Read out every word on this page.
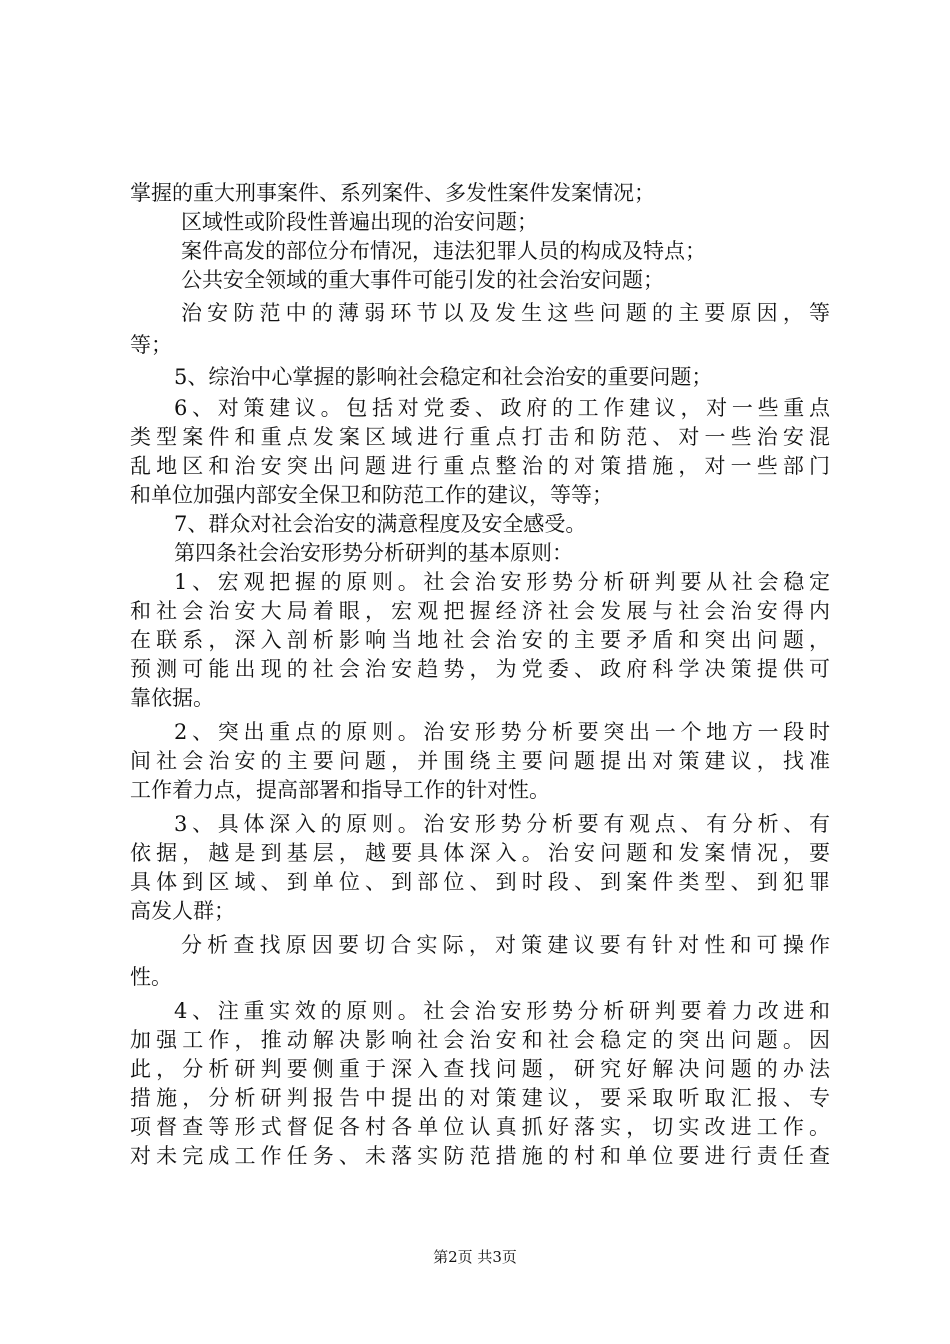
掌握的重大刑事案件、系列案件、多发性案件发案情况；
区域性或阶段性普遍出现的治安问题；
案件高发的部位分布情况，违法犯罪人员的构成及特点；
公共安全领域的重大事件可能引发的社会治安问题；
治安防范中的薄弱环节以及发生这些问题的主要原因，等
等；
5、综治中心掌握的影响社会稳定和社会治安的重要问题；
6、对策建议。包括对党委、政府的工作建议，对一些重点
类型案件和重点发案区域进行重点打击和防范、对一些治安混
乱地区和治安突出问题进行重点整治的对策措施，对一些部门
和单位加强内部安全保卫和防范工作的建议，等等；
7、群众对社会治安的满意程度及安全感受。
第四条社会治安形势分析研判的基本原则：
1、宏观把握的原则。社会治安形势分析研判要从社会稳定
和社会治安大局着眼，宏观把握经济社会发展与社会治安得内
在联系，深入剖析影响当地社会治安的主要矛盾和突出问题，
预测可能出现的社会治安趋势，为党委、政府科学决策提供可
靠依据。
2、突出重点的原则。治安形势分析要突出一个地方一段时
间社会治安的主要问题，并围绕主要问题提出对策建议，找准
工作着力点，提高部署和指导工作的针对性。
3、具体深入的原则。治安形势分析要有观点、有分析、有
依据，越是到基层，越要具体深入。治安问题和发案情况，要
具体到区域、到单位、到部位、到时段、到案件类型、到犯罪
高发人群；
分析查找原因要切合实际，对策建议要有针对性和可操作
性。
4、注重实效的原则。社会治安形势分析研判要着力改进和
加强工作，推动解决影响社会治安和社会稳定的突出问题。因
此，分析研判要侧重于深入查找问题，研究好解决问题的办法
措施，分析研判报告中提出的对策建议，要采取听取汇报、专
项督查等形式督促各村各单位认真抓好落实，切实改进工作。
对未完成工作任务、未落实防范措施的村和单位要进行责任查
第2页 共3页
